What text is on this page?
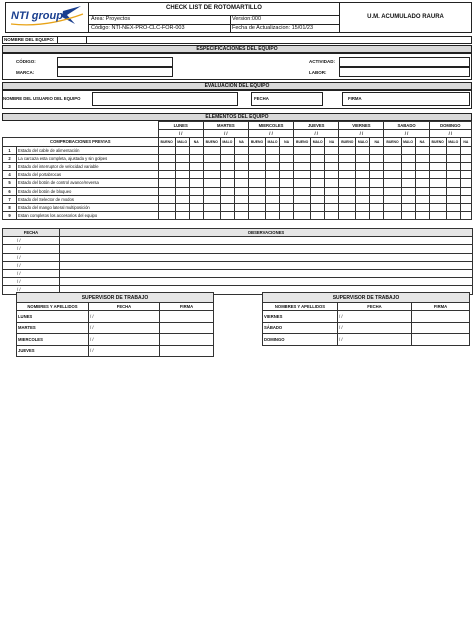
NTI group
CHECK LIST DE ROTOMARTILLO
Area: Proyectos
Código: NTI-NEX-PRO-CLC-FOR-003
Version:000
Fecha de Actualizacion: 15/01/23
U.M. ACUMULADO RAURA
NOMBRE DEL EQUIPO:
ESPECIFICACIONES DEL EQUIPO
CÓDIGO:
MARCA:
ACTIVIDAD:
LABOR:
EVALUACIÓN DEL EQUIPO
NOMBRE DEL USUARIO DEL EQUIPO	FECHA	FIRMA
ELEMENTOS DEL EQUIPO
		LUNES			MARTES			MIERCOLES			JUEVES			VIERNES			SABADO			DOMINGO		
		/ /			/ /			/ /			/ /			/ /			/ /			/ /		
COMPROBACIONES PREVIAS		BUENO	MALO	NA	BUENO	MALO	NA	BUENO	MALO	NA	BUENO	MALO	NA	BUENO	MALO	NA	BUENO	MALO	NA	BUENO	MALO	NA
1	Estado del cable de alimentación																					
2	La carcaza esta completa, ajustada y sin golpes																					
3	Estado del interruptor de velocidad variable																					
4	Estado del portabrocas																					
5	Estado del botón de control avance/reversa																					
6	Estado del botón de bloqueo																					
7	Estado del Selector de modos																					
8	Estado del mango lateral multiposición																					
9	Estan completos los accesorios del equipo																					
FECHA	OBSERVACIONES
/ /	
/ /	
/ /	
/ /	
/ /	
/ /	
/ /	
SUPERVISOR DE TRABAJO		
NOMBRES Y APELLIDOS	FECHA	FIRMA
LUNES	/ /	
MARTES	/ /	
MIERCOLES	/ /	
JUEVES	/ /	
SUPERVISOR DE TRABAJO		
NOMBRES Y APELLIDOS	FECHA	FIRMA
VIERNES	/ /	
SÁBADO	/ /	
DOMINGO	/ /	
